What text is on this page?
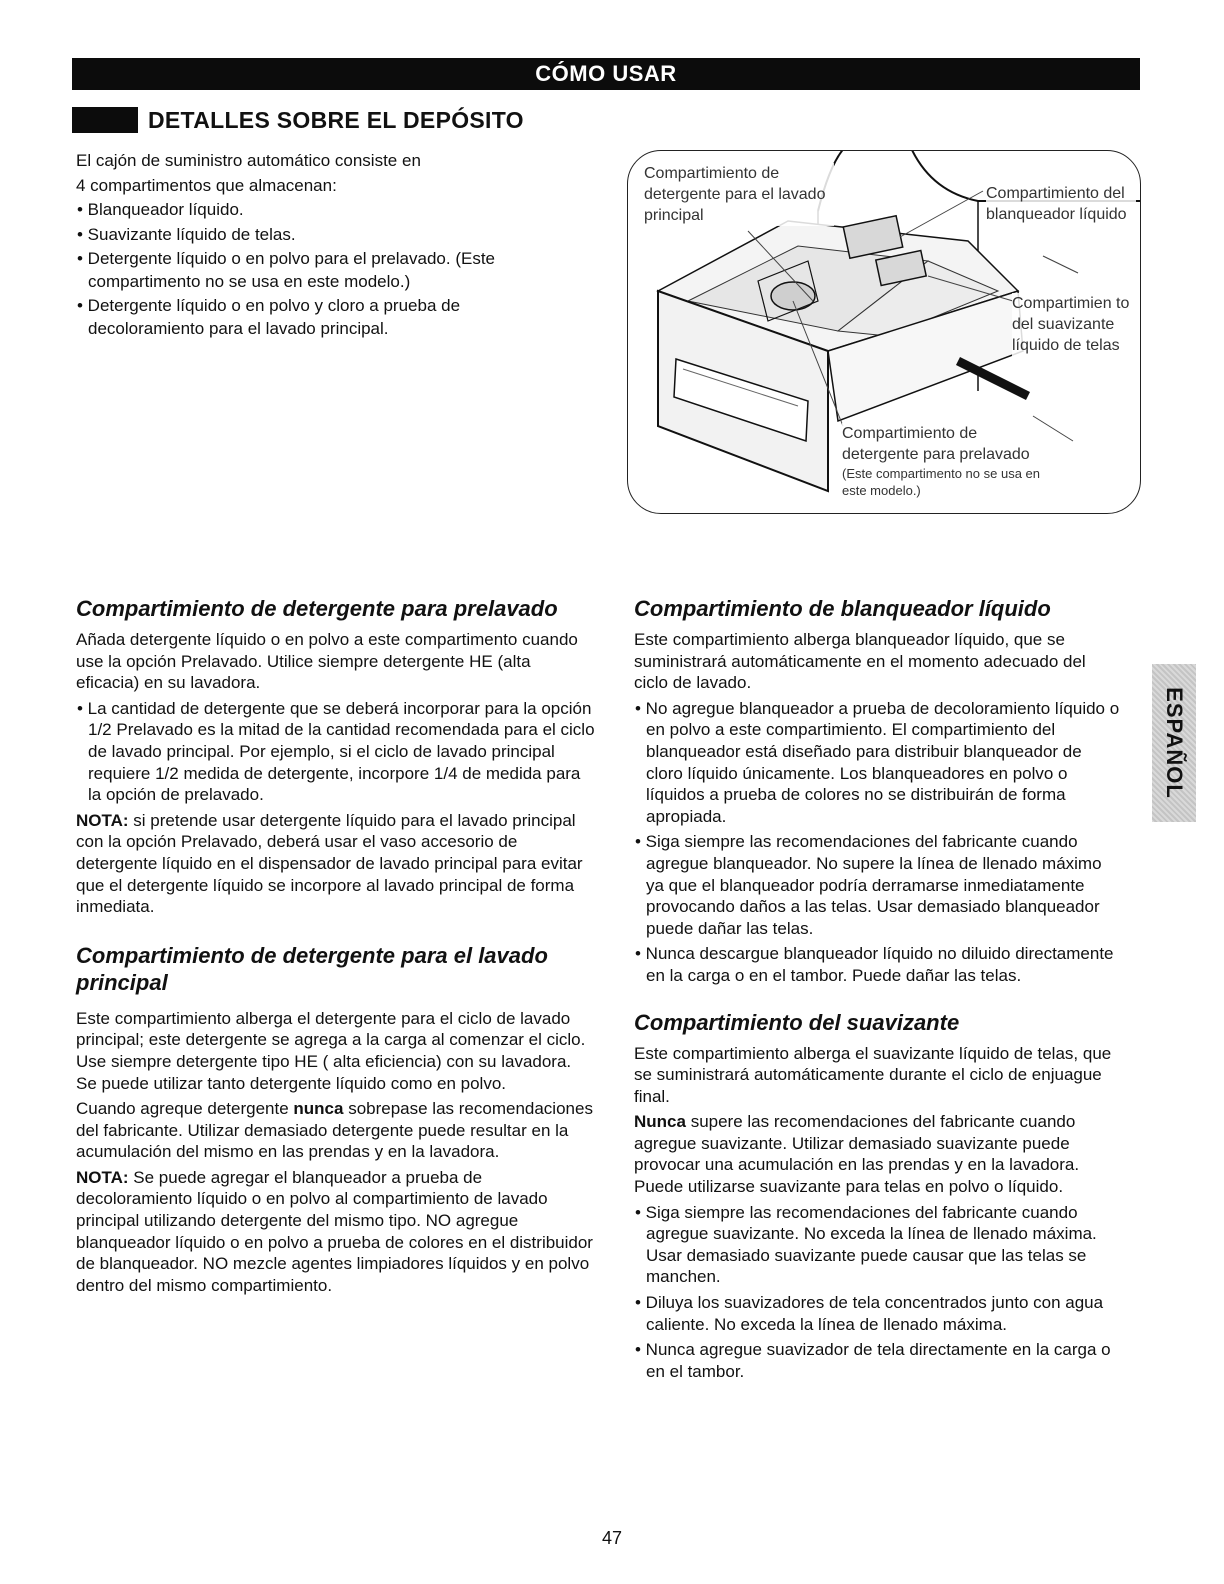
CÓMO USAR
DETALLES SOBRE EL DEPÓSITO

El cajón de suministro automático consiste en

4 compartimentos que almacenan:

• Blanqueador líquido.

• Suavizante líquido de telas.

• Detergente líquido o en polvo para el prelavado. (Este compartimento no se usa en este modelo.)

• Detergente líquido o en polvo y cloro a prueba de decoloramiento para el lavado principal.

Compartimiento de detergente para el lavado principal
Compartimiento del blanqueador líquido
Compartimien to del suavizante líquido de telas
Compartimiento de detergente para prelavado
(Este compartimento no se usa en este modelo.)
Compartimiento de detergente para prelavado

Añada detergente líquido o en polvo a este compartimento cuando use la opción Prelavado. Utilice siempre detergente HE (alta eficacia) en su lavadora.

• La cantidad de detergente que se deberá incorporar para la opción 1/2 Prelavado es la mitad de la cantidad recomendada para el ciclo de lavado principal. Por ejemplo, si el ciclo de lavado principal requiere 1/2 medida de detergente, incorpore 1/4 de medida para la opción de prelavado.

NOTA: si pretende usar detergente líquido para el lavado principal con la opción Prelavado, deberá usar el vaso accesorio de detergente líquido en el dispensador de lavado principal para evitar que el detergente líquido se incorpore al lavado principal de forma inmediata.

Compartimiento de detergente para el lavado principal

Este compartimiento alberga el detergente para el ciclo de lavado principal; este detergente se agrega a la carga al comenzar el ciclo. Use siempre detergente tipo HE ( alta eficiencia) con su lavadora. Se puede utilizar tanto detergente líquido como en polvo.

Cuando agreque detergente nunca sobrepase las recomendaciones del fabricante. Utilizar demasiado detergente puede resultar en la acumulación del mismo en las prendas y en la lavadora.

NOTA: Se puede agregar el blanqueador a prueba de decoloramiento líquido o en polvo al compartimiento de lavado principal utilizando detergente del mismo tipo. NO agregue blanqueador líquido o en polvo a prueba de colores en el distribuidor de blanqueador. NO mezcle agentes limpiadores líquidos y en polvo dentro del mismo compartimiento.

Compartimiento de blanqueador líquido

Este compartimiento alberga blanqueador líquido, que se suministrará automáticamente en el momento adecuado del ciclo de lavado.

• No agregue blanqueador a prueba de decoloramiento líquido o en polvo a este compartimiento. El compartimiento del blanqueador está diseñado para distribuir blanqueador de cloro líquido únicamente. Los blanqueadores en polvo o líquidos a prueba de colores no se distribuirán de forma apropiada.

• Siga siempre las recomendaciones del fabricante cuando agregue blanqueador. No supere la línea de llenado máximo ya que el blanqueador podría derramarse inmediatamente provocando daños a las telas. Usar demasiado blanqueador puede dañar las telas.

• Nunca descargue blanqueador líquido no diluido directamente en la carga o en el tambor. Puede dañar las telas.

Compartimiento del suavizante

Este compartimiento alberga el suavizante líquido de telas, que se suministrará automáticamente durante el ciclo de enjuague final.

Nunca supere las recomendaciones del fabricante cuando agregue suavizante. Utilizar demasiado suavizante puede provocar una acumulación en las prendas y en la lavadora. Puede utilizarse suavizante para telas en polvo o líquido.

• Siga siempre las recomendaciones del fabricante cuando agregue suavizante. No exceda la línea de llenado máxima. Usar demasiado suavizante puede causar que las telas se manchen.

• Diluya los suavizadores de tela concentrados junto con agua caliente. No exceda la línea de llenado máxima.

• Nunca agregue suavizador de tela directamente en la carga o en el tambor.

ESPAÑOL
47
